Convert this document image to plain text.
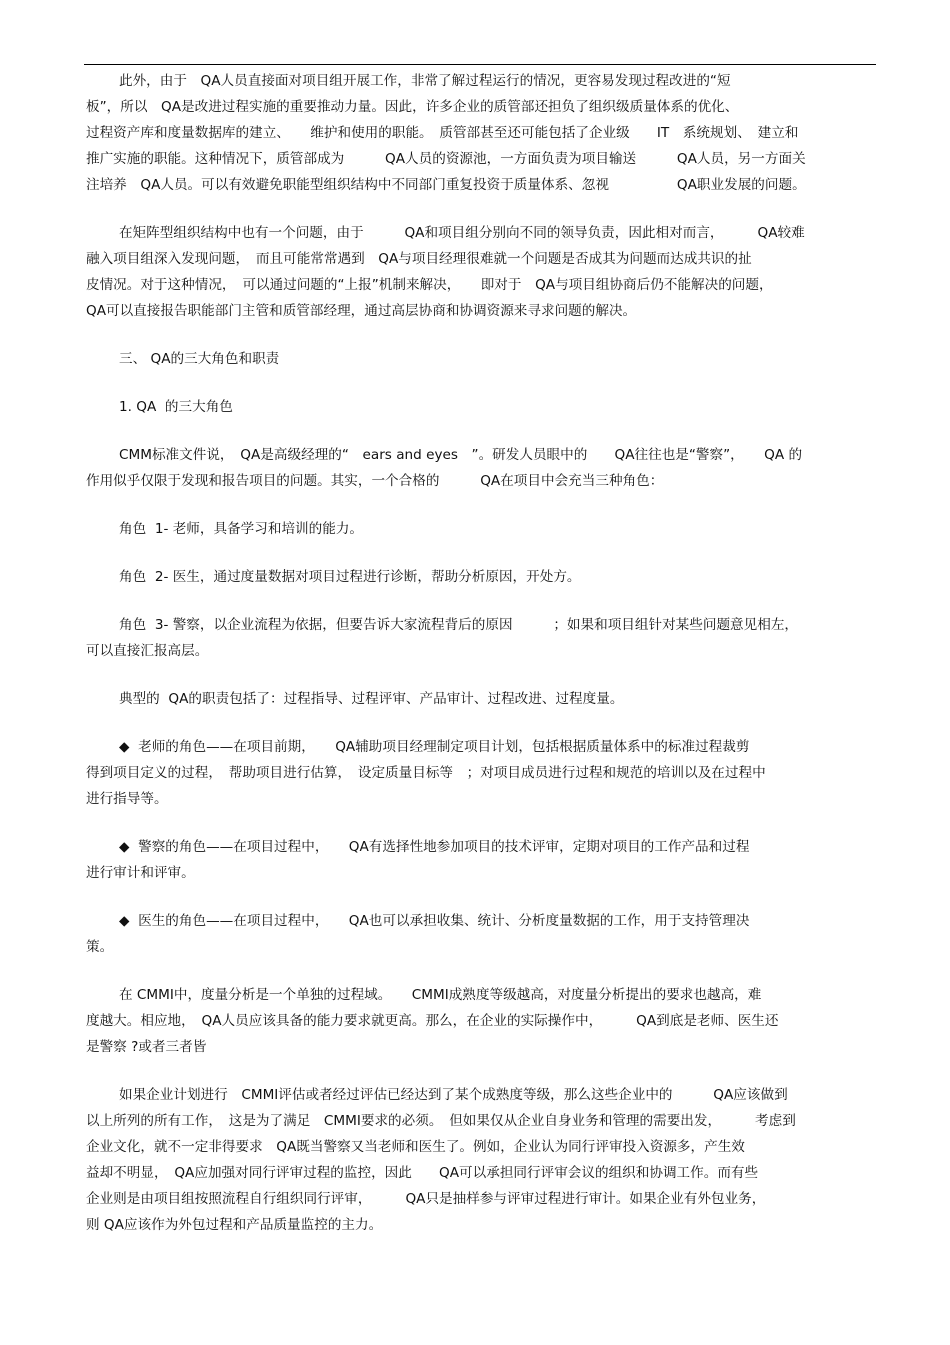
此外，由于　QA人员直接面对项目组开展工作，非常了解过程运行的情况，更容易发现过程改进的“短
板”，所以　QA是改进过程实施的重要推动力量。因此，许多企业的质管部还担负了组织级质量体系的优化、
过程资产库和度量数据库的建立、　　维护和使用的职能。　质管部甚至还可能包括了企业级　　IT　系统规划、　建立和
推广实施的职能。这种情况下，质管部成为　　　QA人员的资源池，一方面负责为项目输送　　　QA人员，另一方面关
注培养　QA人员。可以有效避免职能型组织结构中不同部门重复投资于质量体系、忽视　　　　　QA职业发展的问题。
在矩阵型组织结构中也有一个问题，由于　　　QA和项目组分别向不同的领导负责，因此相对而言，　　　QA较难
融入项目组深入发现问题，　而且可能常常遇到　QA与项目经理很难就一个问题是否成其为问题而达成共识的扯
皮情况。对于这种情况，　可以通过问题的“上报”机制来解决，　　即对于　QA与项目组协商后仍不能解决的问题，
QA可以直接报告职能部门主管和质管部经理，通过高层协商和协调资源来寻求问题的解决。
三、 QA的三大角色和职责
1. QA  的三大角色
CMM标准文件说，　QA是高级经理的“　ears and eyes　”。研发人员眼中的　　QA往往也是“警察”，　　QA 的
作用似乎仅限于发现和报告项目的问题。其实，一个合格的　　　QA在项目中会充当三种角色：
角色  1- 老师，具备学习和培训的能力。
角色  2- 医生，通过度量数据对项目过程进行诊断，帮助分析原因，开处方。
角色  3- 警察，以企业流程为依据，但要告诉大家流程背后的原因　　　；如果和项目组针对某些问题意见相左，
可以直接汇报高层。
典型的  QA的职责包括了：过程指导、过程评审、产品审计、过程改进、过程度量。
◆  老师的角色——在项目前期，　　QA辅助项目经理制定项目计划，包括根据质量体系中的标准过程裁剪
得到项目定义的过程，　帮助项目进行估算，　设定质量目标等　；对项目成员进行过程和规范的培训以及在过程中
进行指导等。
◆  警察的角色——在项目过程中，　　QA有选择性地参加项目的技术评审，定期对项目的工作产品和过程
进行审计和评审。
◆  医生的角色——在项目过程中，　　QA也可以承担收集、统计、分析度量数据的工作，用于支持管理决
策。
在 CMMI中，度量分析是一个单独的过程域。　　CMMI成熟度等级越高，对度量分析提出的要求也越高，难
度越大。相应地，　QA人员应该具备的能力要求就更高。那么，在企业的实际操作中，　　　QA到底是老师、医生还
是警察 ?或者三者皆
如果企业计划进行　CMMI评估或者经过评估已经达到了某个成熟度等级，那么这些企业中的　　　QA应该做到
以上所列的所有工作，　这是为了满足　CMMI要求的必须。　但如果仅从企业自身业务和管理的需要出发，　　　考虑到
企业文化，就不一定非得要求　QA既当警察又当老师和医生了。例如，企业认为同行评审投入资源多，产生效
益却不明显，　QA应加强对同行评审过程的监控，因此　　QA可以承担同行评审会议的组织和协调工作。而有些
企业则是由项目组按照流程自行组织同行评审，　　　QA只是抽样参与评审过程进行审计。如果企业有外包业务，
则 QA应该作为外包过程和产品质量监控的主力。
